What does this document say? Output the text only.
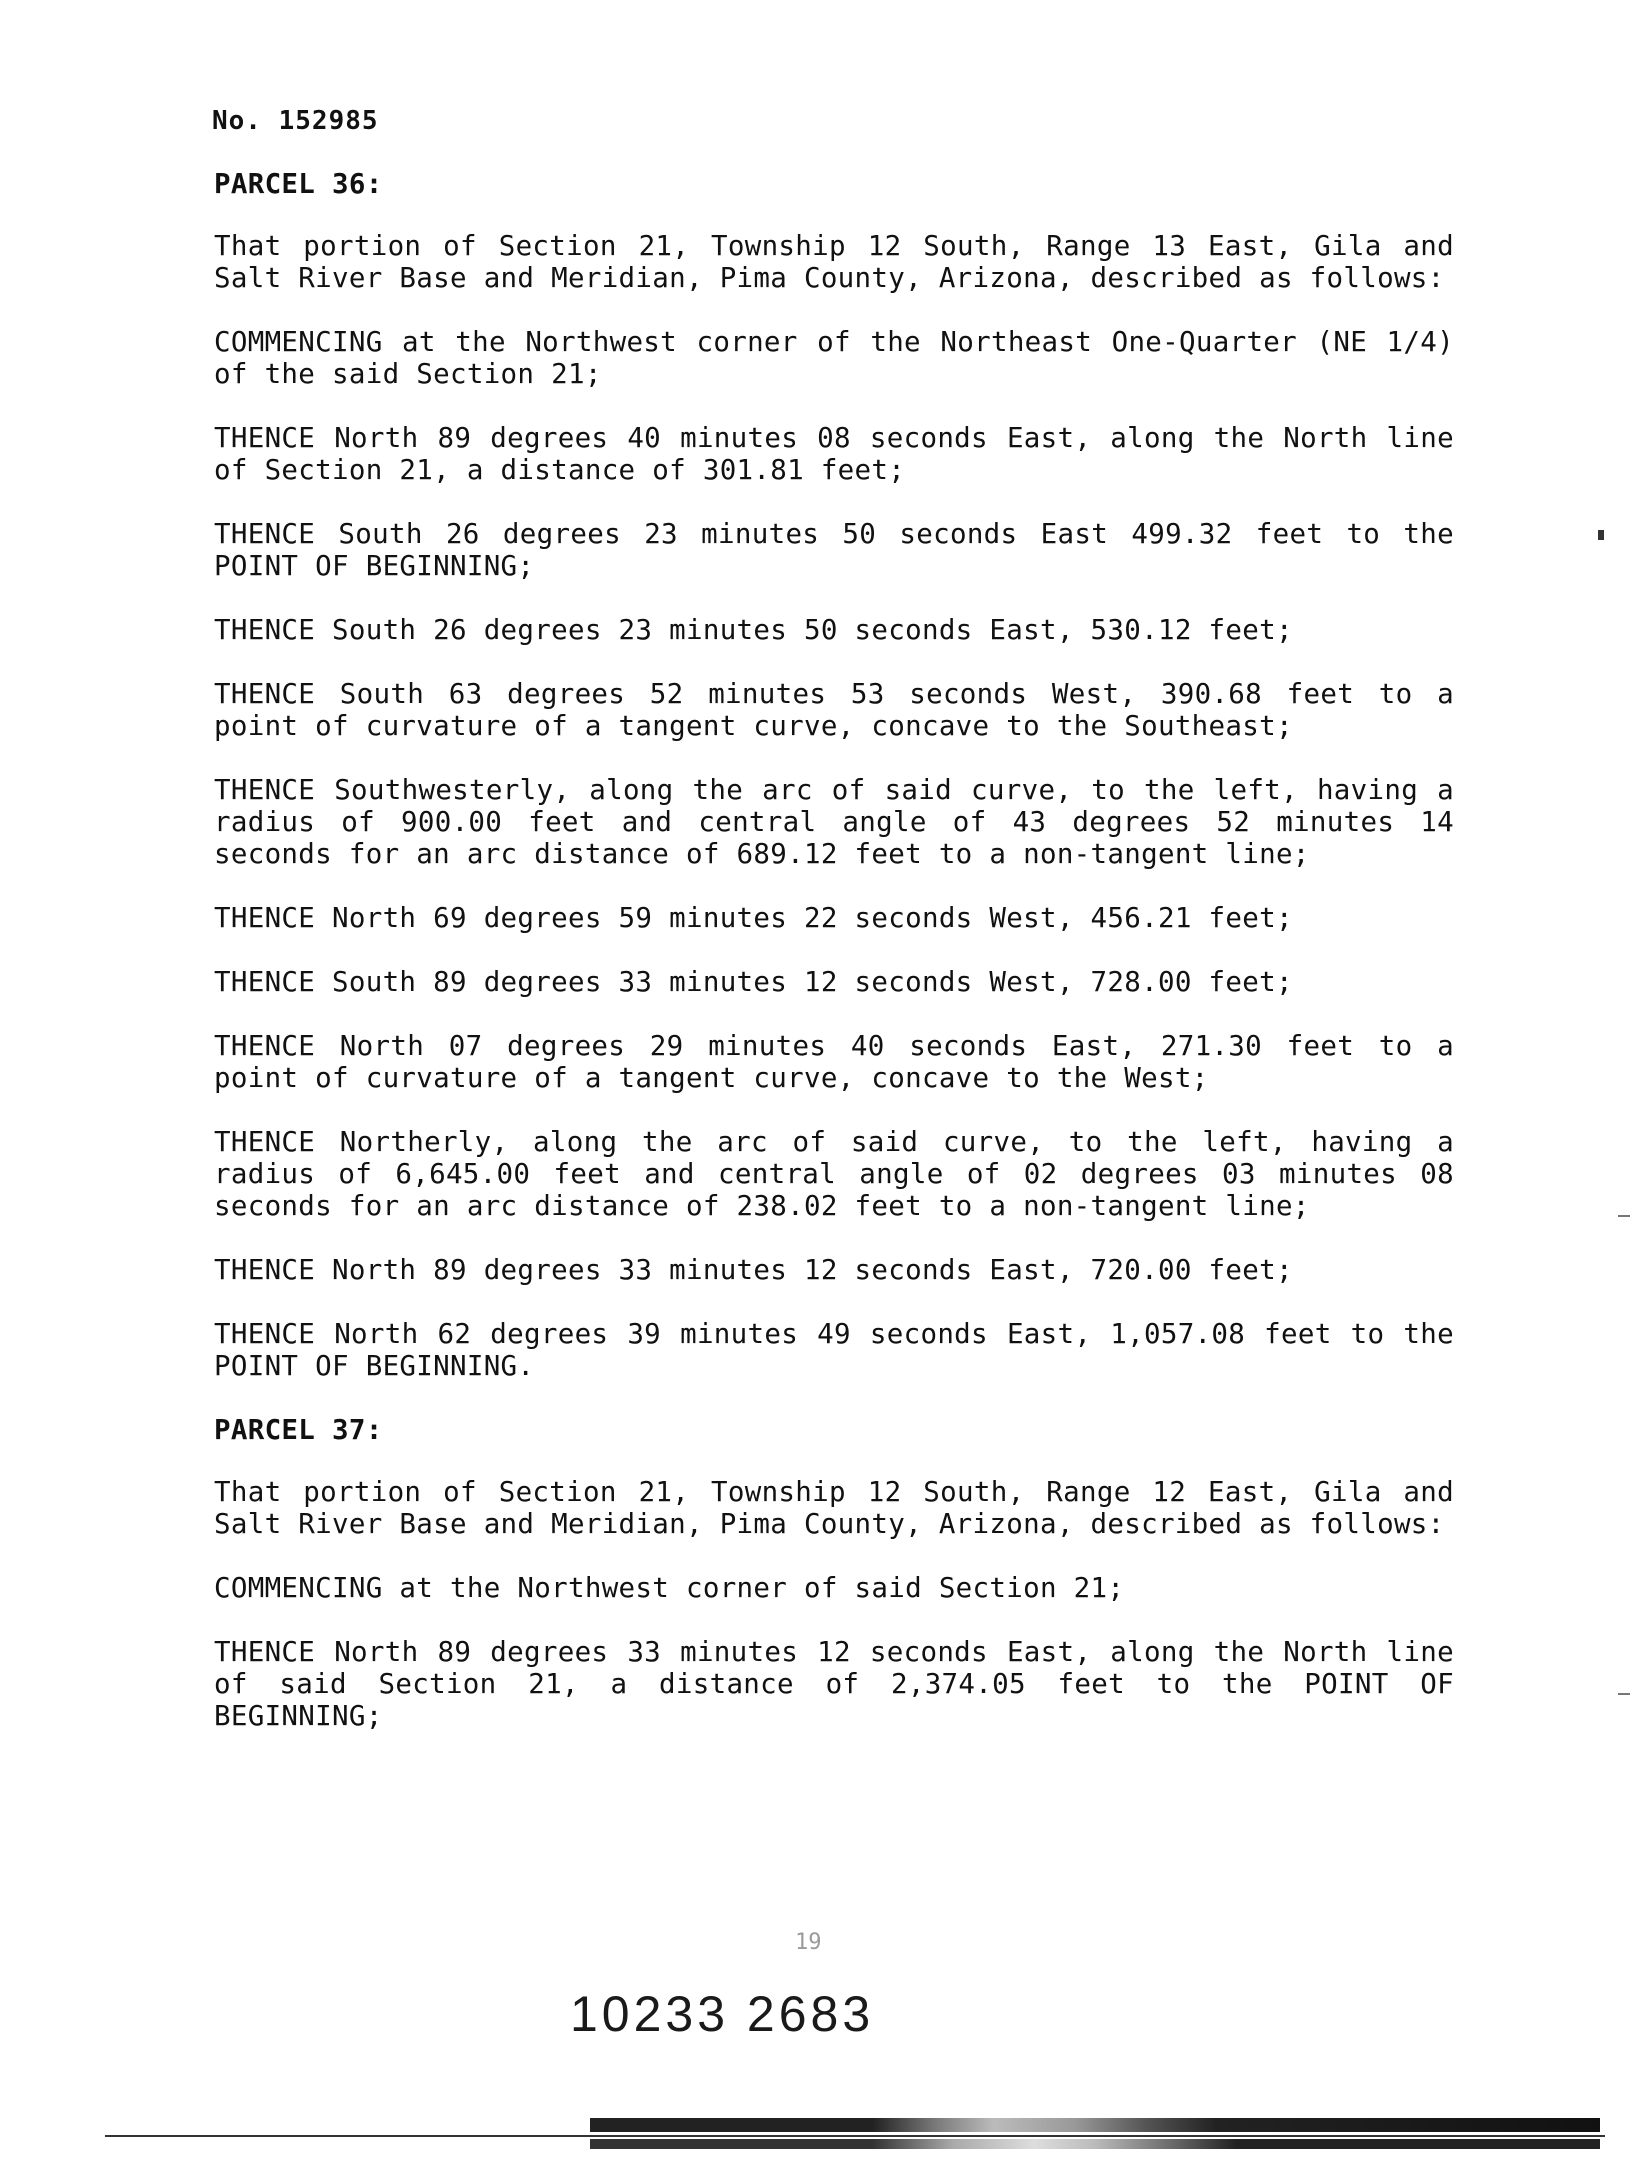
No. 152985

PARCEL 36:

That portion of Section 21, Township 12 South, Range 13 East, Gila and Salt River Base and Meridian, Pima County, Arizona, described as follows:

COMMENCING at the Northwest corner of the Northeast One-Quarter (NE 1/4) of the said Section 21;

THENCE North 89 degrees 40 minutes 08 seconds East, along the North line of Section 21, a distance of 301.81 feet;

THENCE South 26 degrees 23 minutes 50 seconds East 499.32 feet to the POINT OF BEGINNING;

THENCE South 26 degrees 23 minutes 50 seconds East, 530.12 feet;

THENCE South 63 degrees 52 minutes 53 seconds West, 390.68 feet to a point of curvature of a tangent curve, concave to the Southeast;

THENCE Southwesterly, along the arc of said curve, to the left, having a radius of 900.00 feet and central angle of 43 degrees 52 minutes 14 seconds for an arc distance of 689.12 feet to a non-tangent line;

THENCE North 69 degrees 59 minutes 22 seconds West, 456.21 feet;

THENCE South 89 degrees 33 minutes 12 seconds West, 728.00 feet;

THENCE North 07 degrees 29 minutes 40 seconds East, 271.30 feet to a point of curvature of a tangent curve, concave to the West;

THENCE Northerly, along the arc of said curve, to the left, having a radius of 6,645.00 feet and central angle of 02 degrees 03 minutes 08 seconds for an arc distance of 238.02 feet to a non-tangent line;

THENCE North 89 degrees 33 minutes 12 seconds East, 720.00 feet;

THENCE North 62 degrees 39 minutes 49 seconds East, 1,057.08 feet to the POINT OF BEGINNING.

PARCEL 37:

That portion of Section 21, Township 12 South, Range 12 East, Gila and Salt River Base and Meridian, Pima County, Arizona, described as follows:

COMMENCING at the Northwest corner of said Section 21;

THENCE North 89 degrees 33 minutes 12 seconds East, along the North line of said Section 21, a distance of 2,374.05 feet to the POINT OF BEGINNING;

19
10233 2683
